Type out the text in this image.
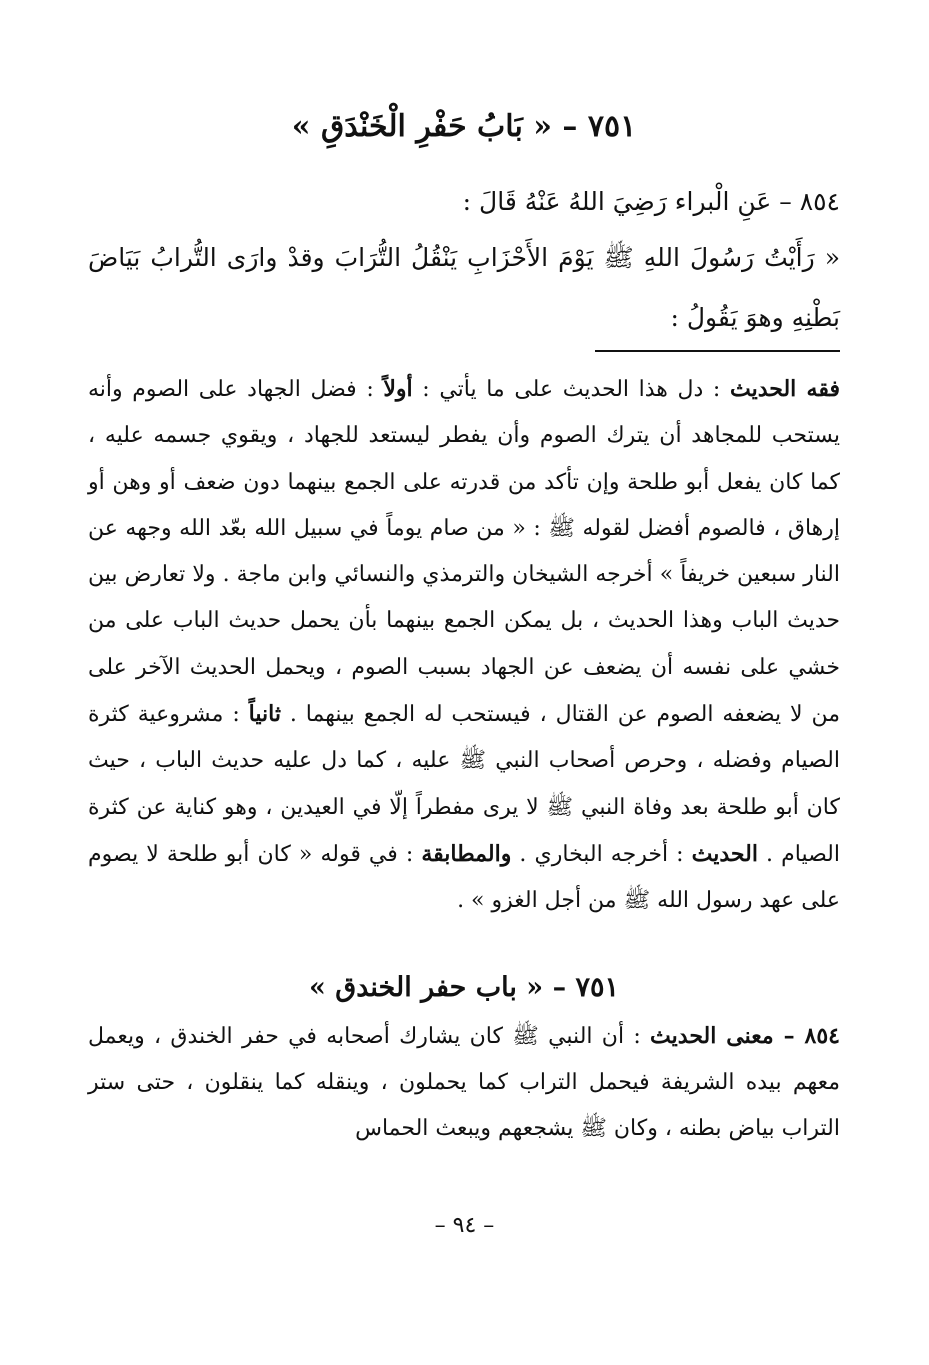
٧٥١ – « بَابُ حَفْرِ الْخَنْدَقِ »

٨٥٤ – عَنِ الْبراء رَضِيَ اللهُ عَنْهُ قَالَ :

« رَأَيْتُ رَسُولَ اللهِ ﷺ يَوْمَ الأَحْزَابِ يَنْقُلُ التُّرَابَ وقدْ وارَى التُّرابُ بَيَاضَ بَطْنِهِ وهوَ يَقُولُ :

فقه الحديث : دل هذا الحديث على ما يأتي : أولاً : فضل الجهاد على الصوم وأنه يستحب للمجاهد أن يترك الصوم وأن يفطر ليستعد للجهاد ، ويقوي جسمه عليه ، كما كان يفعل أبو طلحة وإن تأكد من قدرته على الجمع بينهما دون ضعف أو وهن أو إرهاق ، فالصوم أفضل لقوله ﷺ : « من صام يوماً في سبيل الله بعّد الله وجهه عن النار سبعين خريفاً » أخرجه الشيخان والترمذي والنسائي وابن ماجة . ولا تعارض بين حديث الباب وهذا الحديث ، بل يمكن الجمع بينهما بأن يحمل حديث الباب على من خشي على نفسه أن يضعف عن الجهاد بسبب الصوم ، ويحمل الحديث الآخر على من لا يضعفه الصوم عن القتال ، فيستحب له الجمع بينهما . ثانياً : مشروعية كثرة الصيام وفضله ، وحرص أصحاب النبي ﷺ عليه ، كما دل عليه حديث الباب ، حيث كان أبو طلحة بعد وفاة النبي ﷺ لا يرى مفطراً إلّا في العيدين ، وهو كناية عن كثرة الصيام . الحديث : أخرجه البخاري . والمطابقة : في قوله « كان أبو طلحة لا يصوم على عهد رسول الله ﷺ من أجل الغزو » .

٧٥١ – « باب حفر الخندق »

٨٥٤ – معنى الحديث : أن النبي ﷺ كان يشارك أصحابه في حفر الخندق ، ويعمل معهم بيده الشريفة فيحمل التراب كما يحملون ، وينقله كما ينقلون ، حتى ستر التراب بياض بطنه ، وكان ﷺ يشجعهم ويبعث الحماس

– ٩٤ –
